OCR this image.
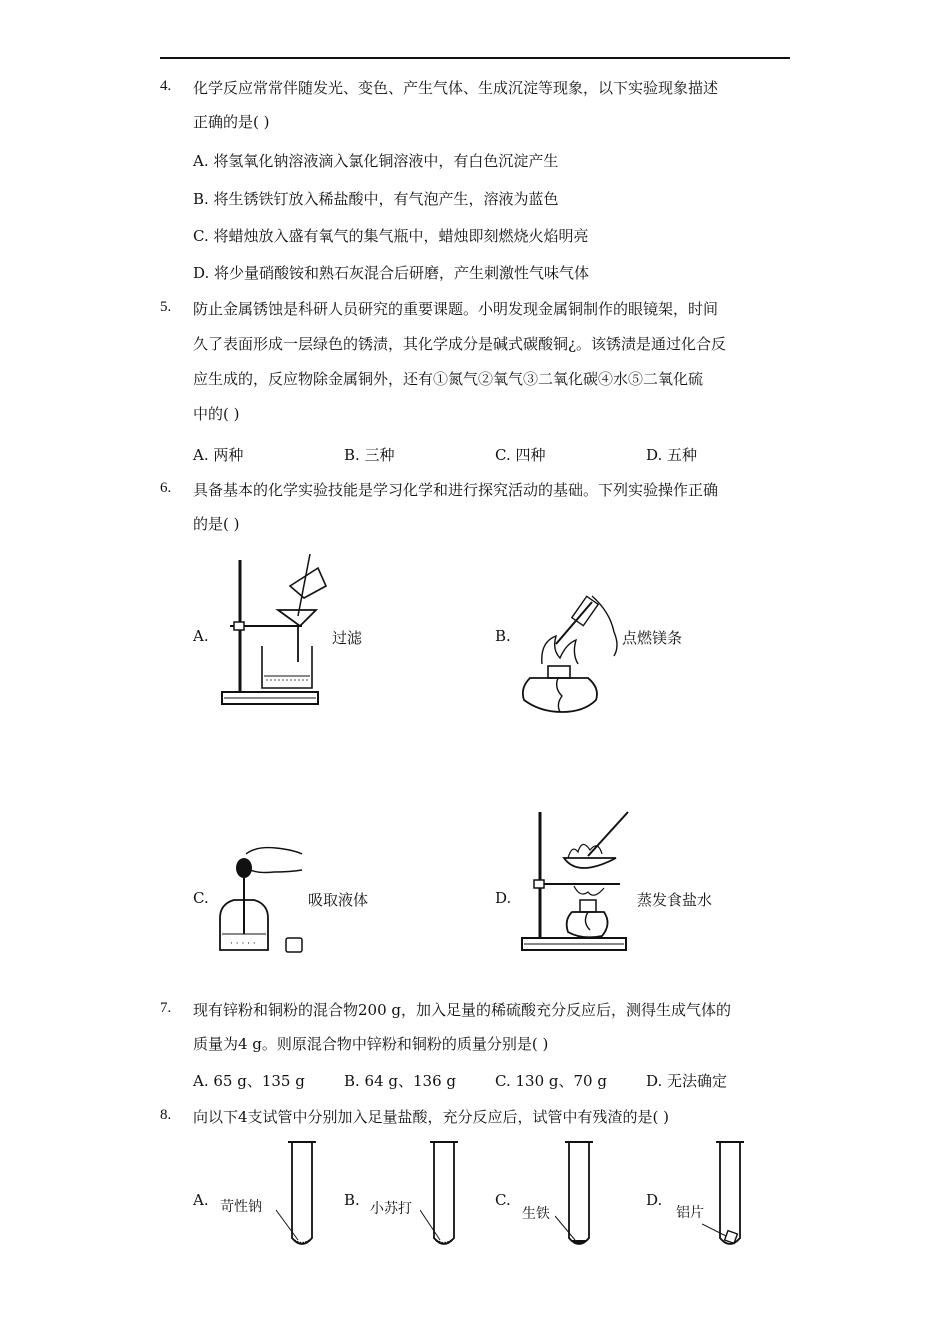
4. 化学反应常常伴随发光、变色、产生气体、生成沉淀等现象，以下实验现象描述
正确的是( )
A. 将氢氧化钠溶液滴入氯化铜溶液中，有白色沉淀产生
B. 将生锈铁钉放入稀盐酸中，有气泡产生，溶液为蓝色
C. 将蜡烛放入盛有氧气的集气瓶中，蜡烛即刻燃烧火焰明亮
D. 将少量硝酸铵和熟石灰混合后研磨，产生刺激性气味气体
5. 防止金属锈蚀是科研人员研究的重要课题。小明发现金属铜制作的眼镜架，时间
久了表面形成一层绿色的锈渍，其化学成分是碱式碳酸铜¿。该锈渍是通过化合反
应生成的，反应物除金属铜外，还有①氮气②氧气③二氧化碳④水⑤二氧化硫
中的( )
A. 两种	B. 三种	C. 四种	D. 五种
6. 具备基本的化学实验技能是学习化学和进行探究活动的基础。下列实验操作正确
的是( )
A.	过滤	B.	点燃镁条
C.
· · · · ·
吸取液体	D.	蒸发食盐水
7. 现有锌粉和铜粉的混合物200 g，加入足量的稀硫酸充分反应后，测得生成气体的
质量为4 g。则原混合物中锌粉和铜粉的质量分别是( )
A. 65 g、135 g	B. 64 g、136 g	C. 130 g、70 g	D. 无法确定
8. 向以下4支试管中分别加入足量盐酸，充分反应后，试管中有残渣的是( )
A. 苛性钠	B. 小苏打	C.
生铁
D.
铝片
